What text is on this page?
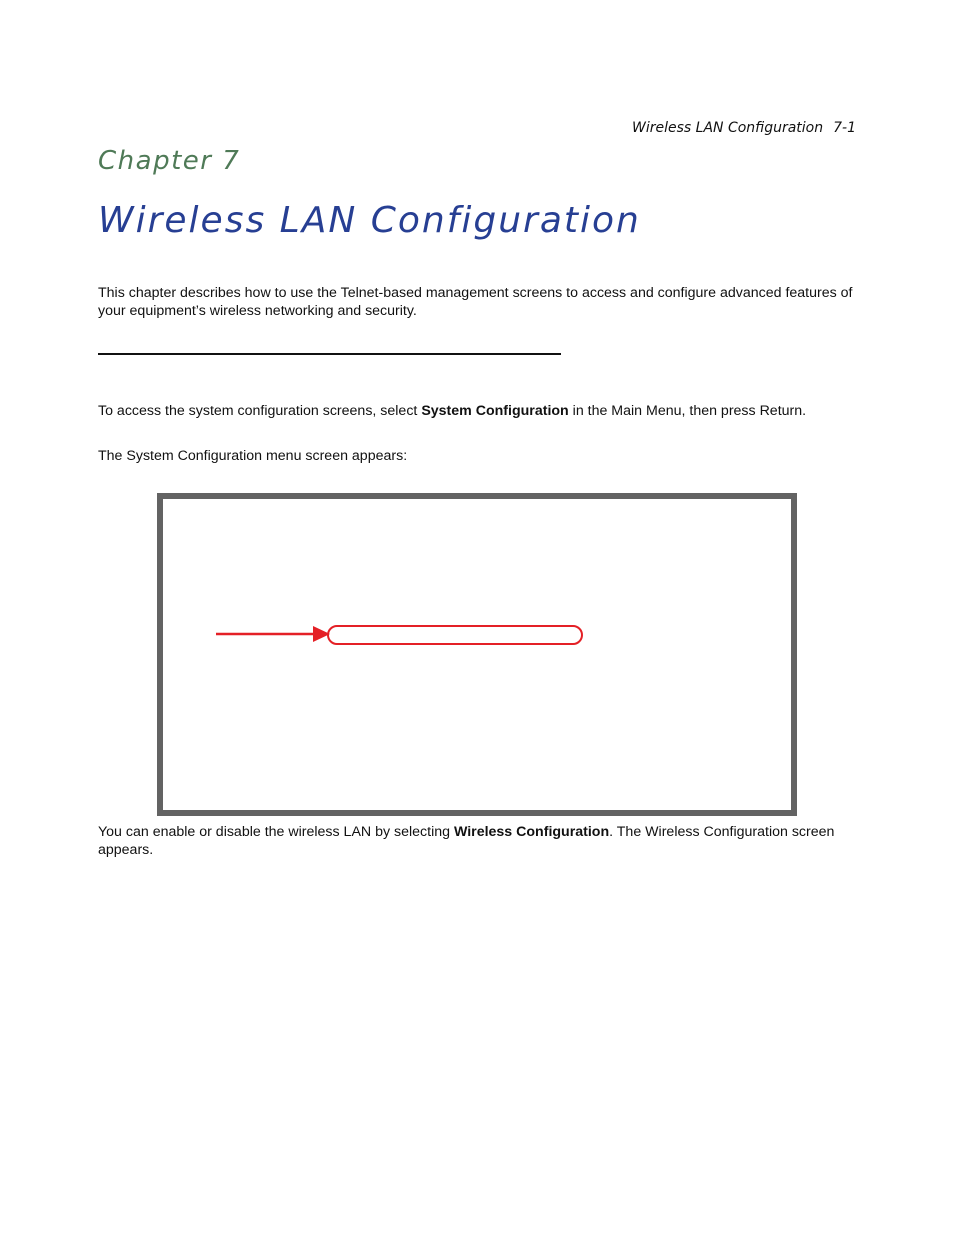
Wireless LAN Configuration 7-1
Chapter 7
Wireless LAN Configuration

This chapter describes how to use the Telnet-based management screens to access and configure advanced features of your equipment’s wireless networking and security.

To access the system configuration screens, select System Configuration in the Main Menu, then press Return.

The System Configuration menu screen appears:

You can enable or disable the wireless LAN by selecting Wireless Configuration. The Wireless Configuration screen appears.
